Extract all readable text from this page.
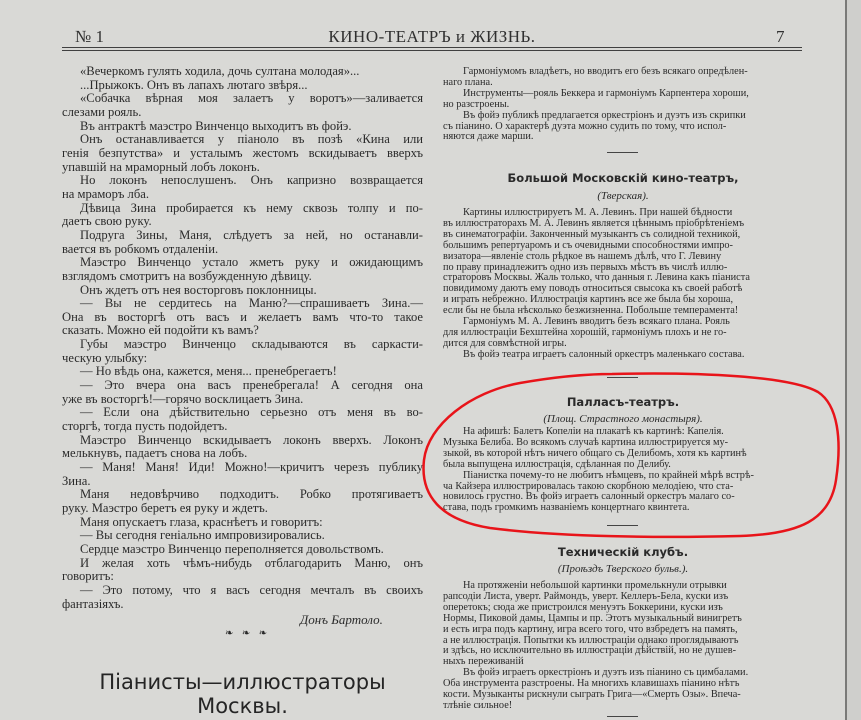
№ 1	КИНО-ТЕАТРЪ и ЖИЗНЬ.	7
«Вечеркомъ гулять ходила, дочь султана молодая»...
...Прыжокъ. Онъ въ лапахъ лютаго звѣря...
«Собачка вѣрная моя залаетъ у воротъ»—заливается
слезами рояль.
Въ антрактѣ маэстро Винченцо выходитъ въ фойэ.
Онъ останавливается у піаноло въ позѣ «Кина или
генія безпутства» и усталымъ жестомъ вскидываетъ вверхъ
упавшій на мраморный лобъ локонъ.
Но локонъ непослушенъ. Онъ капризно возвращается
на мраморъ лба.
Дѣвица Зина пробирается къ нему сквозь толпу и по-
даетъ свою руку.
Подруга Зины, Маня, слѣдуетъ за ней, но останавли-
вается въ робкомъ отдаленіи.
Маэстро Винченцо устало жметъ руку и ожидающимъ
взглядомъ смотритъ на возбужденную дѣвицу.
Онъ ждетъ отъ нея восторговъ поклонницы.
— Вы не сердитесь на Маню?—спрашиваетъ Зина.—
Она въ восторгѣ отъ васъ и желаетъ вамъ что-то такое
сказать. Можно ей подойти къ вамъ?
Губы маэстро Винченцо складываются въ саркасти-
ческую улыбку:
— Но вѣдь она, кажется, меня... пренебрегаетъ!
— Это вчера она васъ пренебрегала! А сегодня она
уже въ восторгѣ!—горячо восклицаетъ Зина.
— Если она дѣйствительно серьезно отъ меня въ во-
сторгѣ, тогда пусть подойдетъ.
Маэстро Винченцо вскидываетъ локонъ вверхъ. Локонъ
мелькнувъ, падаетъ снова на лобъ.
— Маня! Маня! Иди! Можно!—кричитъ черезъ публику
Зина.
Маня недовѣрчиво подходитъ. Робко протягиваетъ
руку. Маэстро беретъ ея руку и ждетъ.
Маня опускаетъ глаза, краснѣетъ и говоритъ:
— Вы сегодня геніально импровизировались.
Сердце маэстро Винченцо переполняется довольствомъ.
И желая хоть чѣмъ-нибудь отблагодарить Маню, онъ
говоритъ:
— Это потому, что я васъ сегодня мечталъ въ своихъ
фантазіяхъ.
Донъ Бартоло.
❧ ❧ ❧
Піанисты—иллюстраторы
Москвы.
Гармоніумомъ владѣетъ, но вводитъ его безъ всякаго опредѣлен-
наго плана.
Инструменты—рояль Беккера и гармоніумъ Карпентера хороши,
но разстроены.
Въ фойэ публикѣ предлагается оркестріонъ и дуэтъ изъ скрипки
съ піанино. О характерѣ дуэта можно судить по тому, что испол-
няются даже марши.
Большой Московскій кино-театръ,
(Тверская).
Картины иллюстрируетъ М. А. Левинъ. При нашей бѣдности
въ иллюстраторахъ М. А. Левинъ является цѣннымъ пріобрѣтеніемъ
въ синематографіи. Законченный музыкантъ съ солидной техникой,
большимъ репертуаромъ и съ очевидными способностями импро-
визатора—явленіе столь рѣдкое въ нашемъ дѣлѣ, что Г. Левину
по праву принадлежитъ одно изъ первыхъ мѣстъ въ числѣ иллю-
страторовъ Москвы. Жаль только, что данныя г. Левина какъ піаниста
повидимому даютъ ему поводъ относиться свысока къ своей работѣ
и играть небрежно. Иллюстрація картинъ все же была бы хороша,
если бы не была нѣсколько безжизненна. Побольше темперамента!
Гармоніумъ М. А. Левинъ вводитъ безъ всякаго плана. Рояль
для иллюстраціи Бехштейна хорошій, гармоніумъ плохъ и не го-
дится для совмѣстной игры.
Въ фойэ театра играетъ салонный оркестръ маленькаго состава.
Палласъ-театръ.
(Площ. Страстного монастыря).
На афишѣ: Балетъ Копеліи на плакатѣ къ картинѣ: Капелія.
Музыка Белиба. Во всякомъ случаѣ картина иллюстрируется му-
зыкой, въ которой нѣтъ ничего общаго съ Делибомъ, хотя къ картинѣ
была выпущена иллюстрація, сдѣланная по Делибу.
Піанистка почему-то не любитъ нѣмцевъ, по крайней мѣрѣ встрѣ-
ча Кайзера иллюстрировалась такою скорбною мелодіею, что ста-
новилось грустно. Въ фойэ играетъ салонный оркестръ малаго со-
става, подъ громкимъ названіемъ концертнаго квинтета.
Техническій клубъ.
(Проѣздъ Тверского бульв.).
На протяженіи небольшой картинки промелькнули отрывки
рапсодіи Листа, уверт. Раймондъ, уверт. Келлеръ-Бела, куски изъ
оперетокъ; сюда же пристроился менуэтъ Боккерини, куски изъ
Нормы, Пиковой дамы, Цампы и пр. Этотъ музыкальный винигретъ
и есть игра подъ картину, игра всего того, что взбредетъ на память,
а не иллюстрація. Попытки къ иллюстраціи однако проглядываютъ
и здѣсь, но исключительно въ иллюстраціи дѣйствій, но не душев-
ныхъ переживаній
Въ фойэ играетъ оркестріонъ и дуэтъ изъ піанино съ цимбалами.
Оба инструмента разстроены. На многихъ клавишахъ піанино нѣтъ
кости. Музыканты рискнули сыграть Грига—«Смерть Озы». Впеча-
тлѣніе сильное!
